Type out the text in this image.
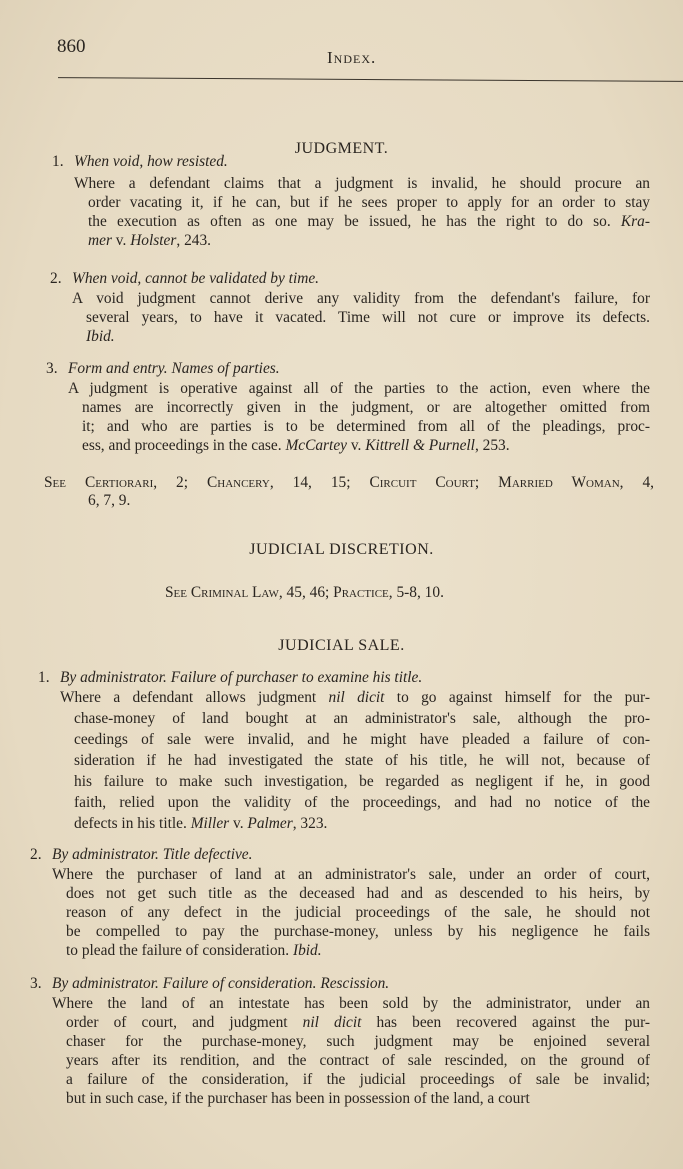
860
Index.
JUDGMENT.
1. When void, how resisted.
Where a defendant claims that a judgment is invalid, he should procure an
order vacating it, if he can, but if he sees proper to apply for an order to stay
the execution as often as one may be issued, he has the right to do so. Kra-
mer v. Holster, 243.
2. When void, cannot be validated by time.
A void judgment cannot derive any validity from the defendant's failure, for
several years, to have it vacated. Time will not cure or improve its defects.
Ibid.
3. Form and entry. Names of parties.
A judgment is operative against all of the parties to the action, even where the
names are incorrectly given in the judgment, or are altogether omitted from
it; and who are parties is to be determined from all of the pleadings, proc-
ess, and proceedings in the case. McCartey v. Kittrell & Purnell, 253.
See Certiorari, 2; Chancery, 14, 15; Circuit Court; Married Woman, 4,
6, 7, 9.
JUDICIAL DISCRETION.
See Criminal Law, 45, 46; Practice, 5-8, 10.
JUDICIAL SALE.
1. By administrator. Failure of purchaser to examine his title.
Where a defendant allows judgment nil dicit to go against himself for the pur-
chase-money of land bought at an administrator's sale, although the pro-
ceedings of sale were invalid, and he might have pleaded a failure of con-
sideration if he had investigated the state of his title, he will not, because of
his failure to make such investigation, be regarded as negligent if he, in good
faith, relied upon the validity of the proceedings, and had no notice of the
defects in his title. Miller v. Palmer, 323.
2. By administrator. Title defective.
Where the purchaser of land at an administrator's sale, under an order of court,
does not get such title as the deceased had and as descended to his heirs, by
reason of any defect in the judicial proceedings of the sale, he should not
be compelled to pay the purchase-money, unless by his negligence he fails
to plead the failure of consideration. Ibid.
3. By administrator. Failure of consideration. Rescission.
Where the land of an intestate has been sold by the administrator, under an
order of court, and judgment nil dicit has been recovered against the pur-
chaser for the purchase-money, such judgment may be enjoined several
years after its rendition, and the contract of sale rescinded, on the ground of
a failure of the consideration, if the judicial proceedings of sale be invalid;
but in such case, if the purchaser has been in possession of the land, a court
